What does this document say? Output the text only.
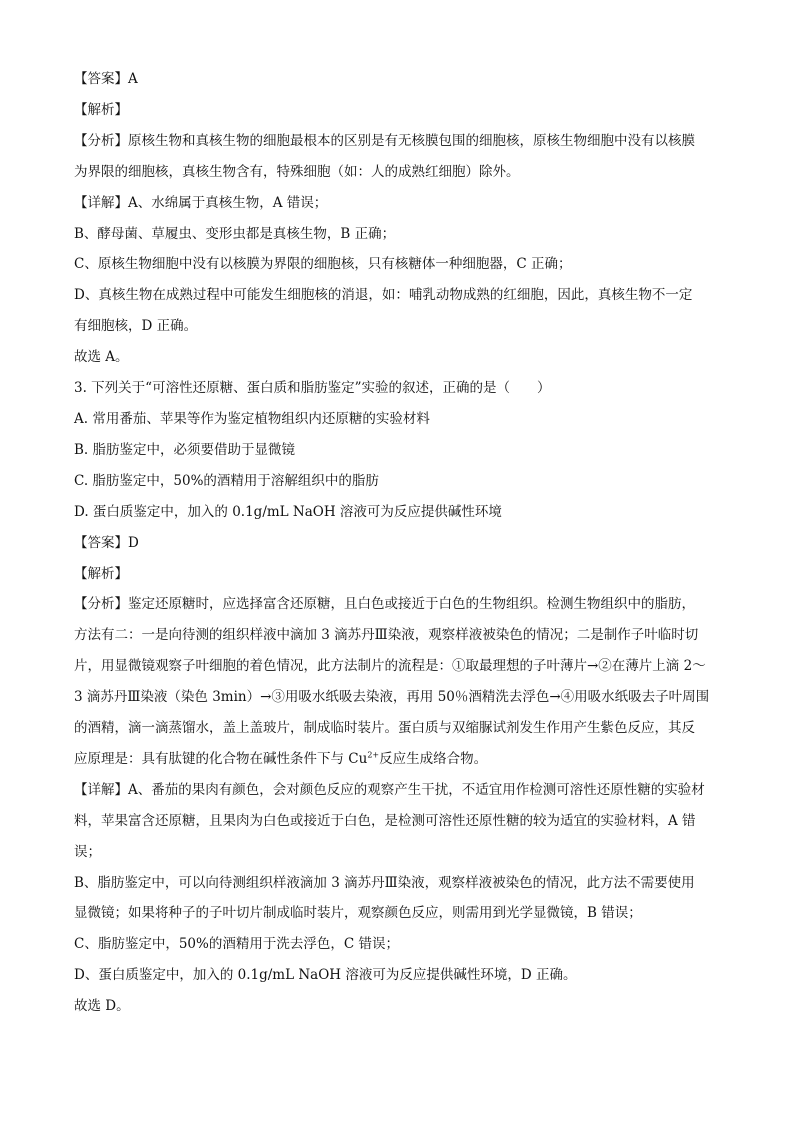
【答案】A
【解析】
【分析】原核生物和真核生物的细胞最根本的区别是有无核膜包围的细胞核，原核生物细胞中没有以核膜
为界限的细胞核，真核生物含有，特殊细胞（如：人的成熟红细胞）除外。
【详解】A、水绵属于真核生物，A 错误；
B、酵母菌、草履虫、变形虫都是真核生物，B 正确；
C、原核生物细胞中没有以核膜为界限的细胞核，只有核糖体一种细胞器，C 正确；
D、真核生物在成熟过程中可能发生细胞核的消退，如：哺乳动物成熟的红细胞，因此，真核生物不一定
有细胞核，D 正确。
故选 A。
3. 下列关于“可溶性还原糖、蛋白质和脂肪鉴定”实验的叙述，正确的是（　　）
A. 常用番茄、苹果等作为鉴定植物组织内还原糖的实验材料
B. 脂肪鉴定中，必须要借助于显微镜
C. 脂肪鉴定中，50%的酒精用于溶解组织中的脂肪
D. 蛋白质鉴定中，加入的 0.1g/mL NaOH 溶液可为反应提供碱性环境
【答案】D
【解析】
【分析】鉴定还原糖时，应选择富含还原糖，且白色或接近于白色的生物组织。检测生物组织中的脂肪，
方法有二：一是向待测的组织样液中滴加 3 滴苏丹Ⅲ染液，观察样液被染色的情况；二是制作子叶临时切
片，用显微镜观察子叶细胞的着色情况，此方法制片的流程是：①取最理想的子叶薄片→②在薄片上滴 2～
3 滴苏丹Ⅲ染液（染色 3min）→③用吸水纸吸去染液，再用 50％酒精洗去浮色→④用吸水纸吸去子叶周围
的酒精，滴一滴蒸馏水，盖上盖玻片，制成临时装片。蛋白质与双缩脲试剂发生作用产生紫色反应，其反
应原理是：具有肽键的化合物在碱性条件下与 $Cu^{2+}$反应生成络合物。
【详解】A、番茄的果肉有颜色，会对颜色反应的观察产生干扰，不适宜用作检测可溶性还原性糖的实验材
料，苹果富含还原糖，且果肉为白色或接近于白色，是检测可溶性还原性糖的较为适宜的实验材料，A 错
误；
B、脂肪鉴定中，可以向待测组织样液滴加 3 滴苏丹Ⅲ染液，观察样液被染色的情况，此方法不需要使用
显微镜；如果将种子的子叶切片制成临时装片，观察颜色反应，则需用到光学显微镜，B 错误；
C、脂肪鉴定中，50%的酒精用于洗去浮色，C 错误；
D、蛋白质鉴定中，加入的 0.1g/mL NaOH 溶液可为反应提供碱性环境，D 正确。
故选 D。
